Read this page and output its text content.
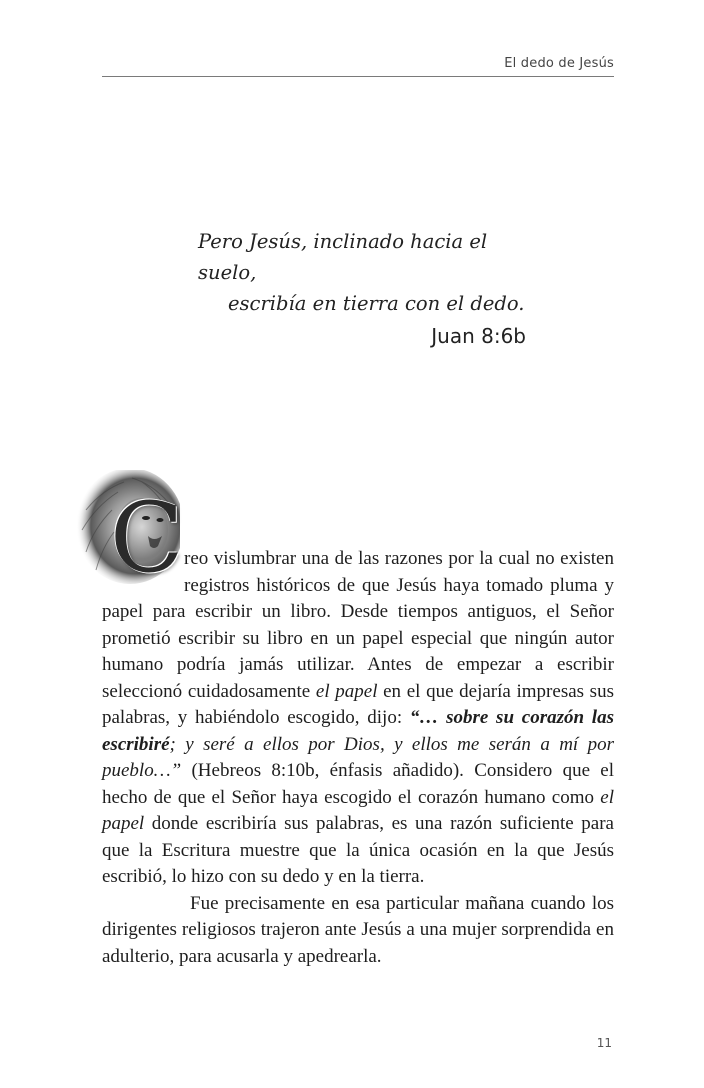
El dedo de Jesús
Pero Jesús, inclinado hacia el suelo,
escribía en tierra con el dedo.
Juan 8:6b

C reo vislumbrar una de las razones por la cual no existen registros históricos de que Jesús haya tomado pluma y papel para escribir un libro. Desde tiempos antiguos, el Señor prometió escribir su libro en un papel especial que ningún autor humano podría jamás utilizar. Antes de empezar a escribir seleccionó cuidadosamente el papel en el que dejaría impresas sus palabras, y habiéndolo escogido, dijo: “… sobre su corazón las escribiré; y seré a ellos por Dios, y ellos me serán a mí por pueblo…” (Hebreos 8:10b, énfasis añadido). Considero que el hecho de que el Señor haya escogido el corazón humano como el papel donde escribiría sus palabras, es una razón suficiente para que la Escritura muestre que la única ocasión en la que Jesús escribió, lo hizo con su dedo y en la tierra.

Fue precisamente en esa particular mañana cuando los dirigentes religiosos trajeron ante Jesús a una mujer sorprendida en adulterio, para acusarla y apedrearla.

11
